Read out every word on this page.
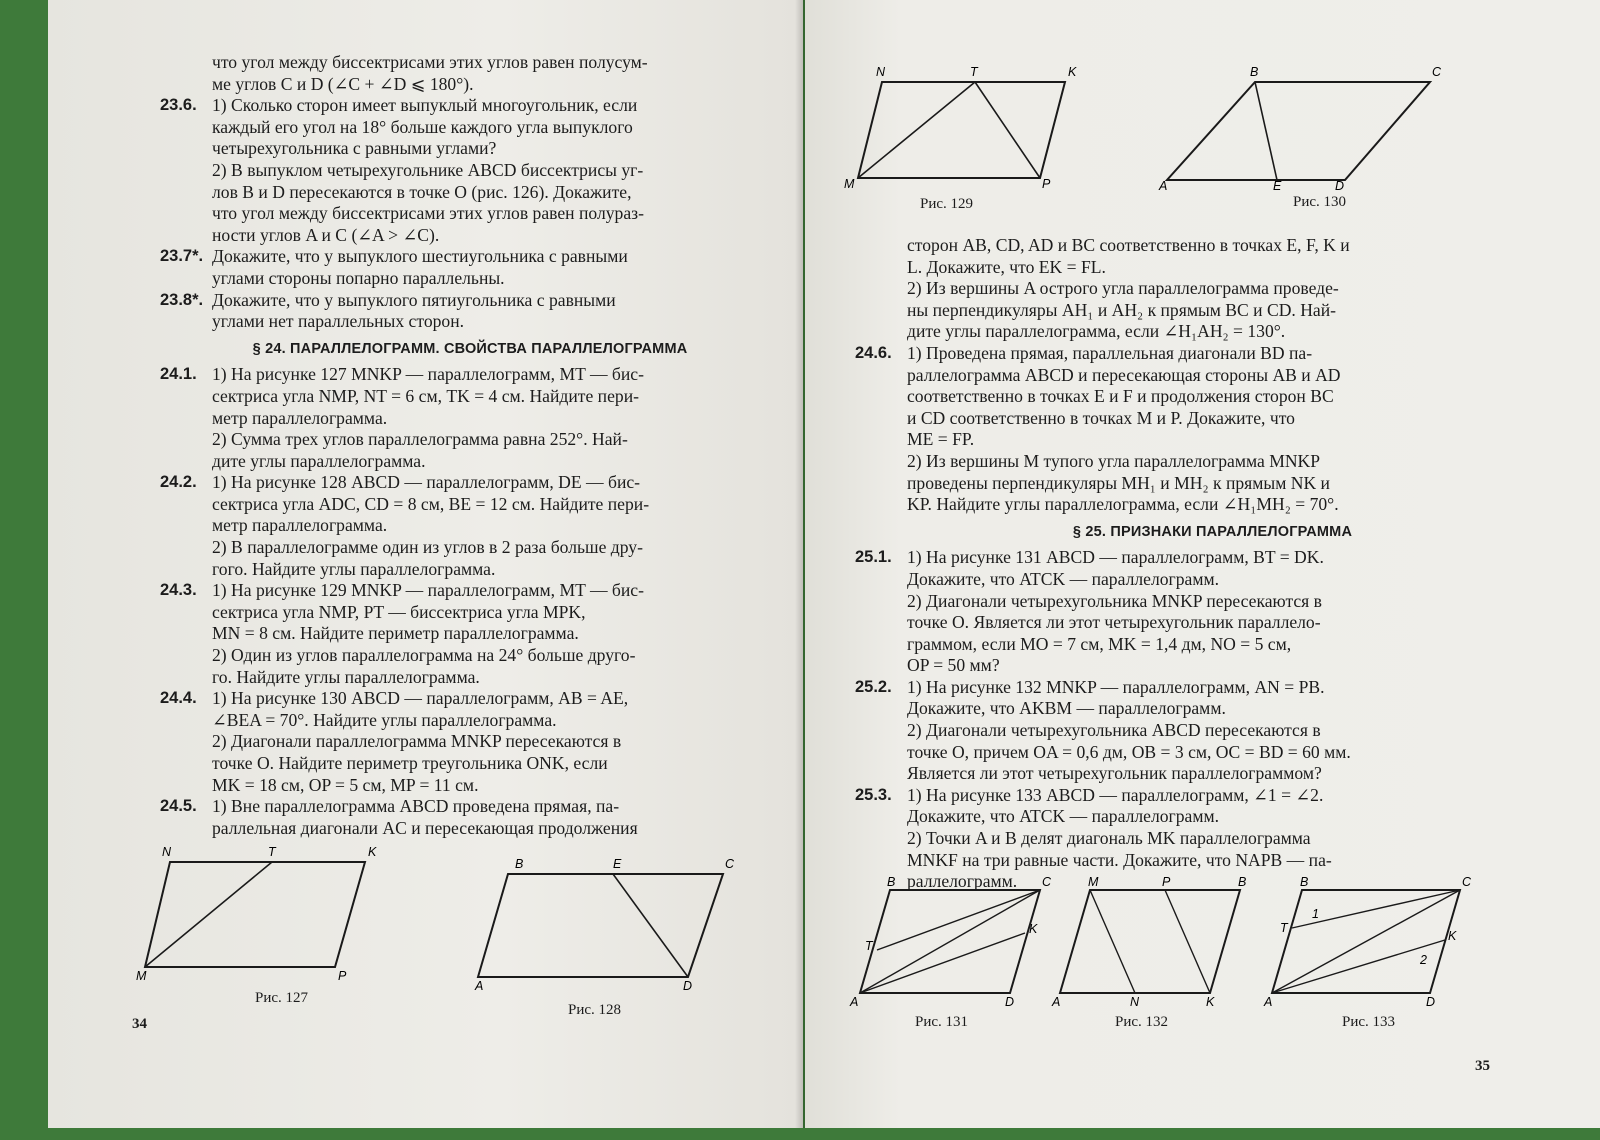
что угол между биссектрисами этих углов равен полусум-
ме углов C и D (∠C + ∠D ⩽ 180°).
23.6. 1) Сколько сторон имеет выпуклый многоугольник, если
каждый его угол на 18° больше каждого угла выпуклого
четырехугольника с равными углами?
2) В выпуклом четырехугольнике ABCD биссектрисы уг-
лов B и D пересекаются в точке O (рис. 126). Докажите,
что угол между биссектрисами этих углов равен полураз-
ности углов A и C (∠A > ∠C).
23.7*. Докажите, что у выпуклого шестиугольника с равными
углами стороны попарно параллельны.
23.8*. Докажите, что у выпуклого пятиугольника с равными
углами нет параллельных сторон.
§ 24. ПАРАЛЛЕЛОГРАММ. СВОЙСТВА ПАРАЛЛЕЛОГРАММА
24.1. 1) На рисунке 127 MNKP — параллелограмм, MT — бис-
сектриса угла NMP, NT = 6 см, TK = 4 см. Найдите пери-
метр параллелограмма.
2) Сумма трех углов параллелограмма равна 252°. Най-
дите углы параллелограмма.
24.2. 1) На рисунке 128 ABCD — параллелограмм, DE — бис-
сектриса угла ADC, CD = 8 см, BE = 12 см. Найдите пери-
метр параллелограмма.
2) В параллелограмме один из углов в 2 раза больше дру-
гого. Найдите углы параллелограмма.
24.3. 1) На рисунке 129 MNKP — параллелограмм, MT — бис-
сектриса угла NMP, PT — биссектриса угла MPK,
MN = 8 см. Найдите периметр параллелограмма.
2) Один из углов параллелограмма на 24° больше друго-
го. Найдите углы параллелограмма.
24.4. 1) На рисунке 130 ABCD — параллелограмм, AB = AE,
∠BEA = 70°. Найдите углы параллелограмма.
2) Диагонали параллелограмма MNKP пересекаются в
точке O. Найдите периметр треугольника ONK, если
MK = 18 см, OP = 5 см, MP = 11 см.
24.5. 1) Вне параллелограмма ABCD проведена прямая, па-
раллельная диагонали AC и пересекающая продолжения
N	T	K
M	P
Рис. 127
B	E	C
A	D
Рис. 128
34
N	T	K
M	P
Рис. 129
B	C
A	E	D
Рис. 130
сторон AB, CD, AD и BC соответственно в точках E, F, K и
L. Докажите, что EK = FL.
2) Из вершины A острого угла параллелограмма проведе-
ны перпендикуляры AH₁ и AH₂ к прямым BC и CD. Най-
дите углы параллелограмма, если ∠H₁AH₂ = 130°.
24.6. 1) Проведена прямая, параллельная диагонали BD па-
раллелограмма ABCD и пересекающая стороны AB и AD
соответственно в точках E и F и продолжения сторон BC
и CD соответственно в точках M и P. Докажите, что
ME = FP.
2) Из вершины M тупого угла параллелограмма MNKP
проведены перпендикуляры MH₁ и MH₂ к прямым NK и
KP. Найдите углы параллелограмма, если ∠H₁MH₂ = 70°.
§ 25. ПРИЗНАКИ ПАРАЛЛЕЛОГРАММА
25.1. 1) На рисунке 131 ABCD — параллелограмм, BT = DK.
Докажите, что ATCK — параллелограмм.
2) Диагонали четырехугольника MNKP пересекаются в
точке O. Является ли этот четырехугольник параллело-
граммом, если MO = 7 см, MK = 1,4 дм, NO = 5 см,
OP = 50 мм?
25.2. 1) На рисунке 132 MNKP — параллелограмм, AN = PB.
Докажите, что AKBM — параллелограмм.
2) Диагонали четырехугольника ABCD пересекаются в
точке O, причем OA = 0,6 дм, OB = 3 см, OC = BD = 60 мм.
Является ли этот четырехугольник параллелограммом?
25.3. 1) На рисунке 133 ABCD — параллелограмм, ∠1 = ∠2.
Докажите, что ATCK — параллелограмм.
2) Точки A и B делят диагональ MK параллелограмма
MNKF на три равные части. Докажите, что NAPB — па-
раллелограмм.
B	C
T
K
A	D
Рис. 131
M	P	B
A	N	K
Рис. 132
B	C
1
T
K
2
A	D
Рис. 133
35
